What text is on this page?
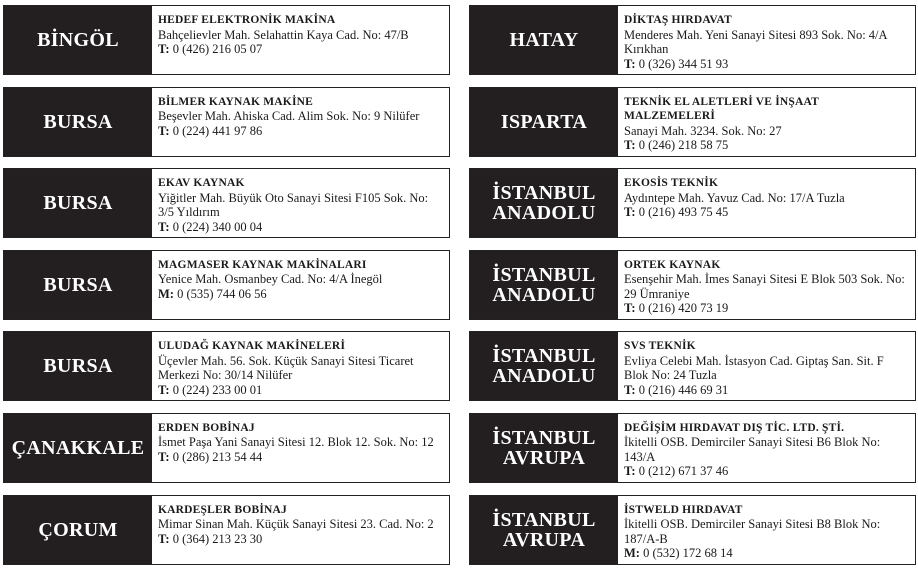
BİNGÖL
HEDEF ELEKTRONİK MAKİNA
Bahçelievler Mah. Selahattin Kaya Cad. No: 47/B
T: 0 (426) 216 05 07
BURSA
BİLMER KAYNAK MAKİNE
Beşevler Mah. Ahiska Cad. Alim Sok. No: 9 Nilüfer
T: 0 (224) 441 97 86
BURSA
EKAV KAYNAK
Yiğitler Mah. Büyük Oto Sanayi Sitesi F105 Sok. No: 3/5 Yıldırım
T: 0 (224) 340 00 04
BURSA
MAGMASER KAYNAK MAKİNALARI
Yenice Mah. Osmanbey Cad. No: 4/A İnegöl
M: 0 (535) 744 06 56
BURSA
ULUDAĞ KAYNAK MAKİNELERİ
Üçevler Mah. 56. Sok. Küçük Sanayi Sitesi Ticaret Merkezi No: 30/14 Nilüfer
T: 0 (224) 233 00 01
ÇANAKKALE
ERDEN BOBİNAJ
İsmet Paşa Yani Sanayi Sitesi 12. Blok 12. Sok. No: 12
T: 0 (286) 213 54 44
ÇORUM
KARDEŞLER BOBİNAJ
Mimar Sinan Mah. Küçük Sanayi Sitesi 23. Cad. No: 2
T: 0 (364) 213 23 30
HATAY
DİKTAŞ HIRDAVAT
Menderes Mah. Yeni Sanayi Sitesi 893 Sok. No: 4/A Kırıkhan
T: 0 (326) 344 51 93
ISPARTA
TEKNİK EL ALETLERİ VE İNŞAAT MALZEMELERİ
Sanayi Mah. 3234. Sok. No: 27
T: 0 (246) 218 58 75
İSTANBUL
ANADOLU
EKOSİS TEKNİK
Aydıntepe Mah. Yavuz Cad. No: 17/A Tuzla
T: 0 (216) 493 75 45
İSTANBUL
ANADOLU
ORTEK KAYNAK
Esenşehir Mah. İmes Sanayi Sitesi E Blok 503 Sok. No: 29 Ümraniye
T: 0 (216) 420 73 19
İSTANBUL
ANADOLU
SVS TEKNİK
Evliya Celebi Mah. İstasyon Cad. Giptaş San. Sit. F Blok No: 24 Tuzla
T: 0 (216) 446 69 31
İSTANBUL
AVRUPA
DEĞİŞİM HIRDAVAT DIŞ TİC. LTD. ŞTİ.
İkitelli OSB. Demirciler Sanayi Sitesi B6 Blok No: 143/A
T: 0 (212) 671 37 46
İSTANBUL
AVRUPA
İSTWELD HIRDAVAT
İkitelli OSB. Demirciler Sanayi Sitesi B8 Blok No: 187/A-B
M: 0 (532) 172 68 14
